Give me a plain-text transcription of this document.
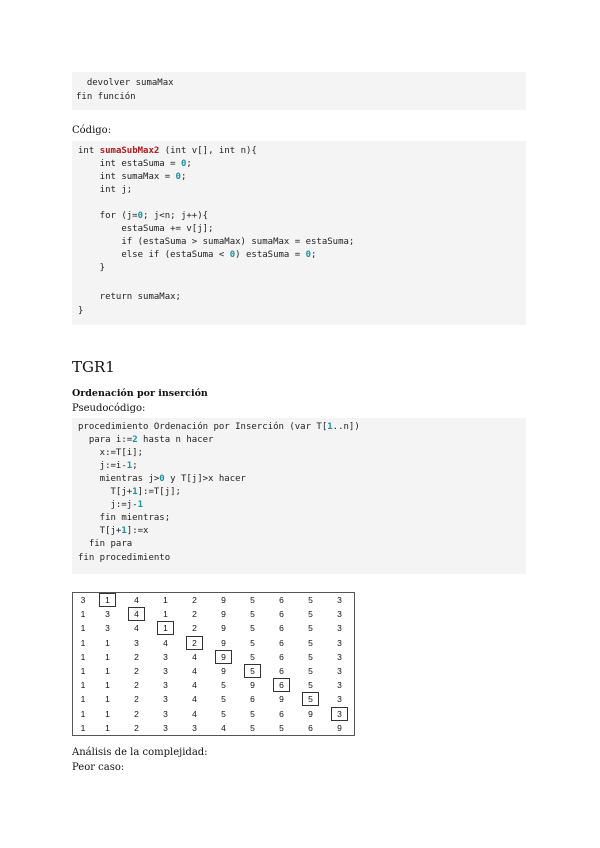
devolver sumaMax
fin función
Código:
int sumaSubMax2 (int v[], int n){
int estaSuma = 0;
int sumaMax = 0;
int j;
for (j=0; j<n; j++){
estaSuma += v[j];
if (estaSuma > sumaMax) sumaMax = estaSuma;
else if (estaSuma < 0) estaSuma = 0;
}
return sumaMax;
}
TGR1
Ordenación por inserción
Pseudocódigo:
procedimiento Ordenación por Inserción (var T[1..n])
para i:=2 hasta n hacer
x:=T[i];
j:=i-1;
mientras j>0 y T[j]>x hacer
T[j+1]:=T[j];
j:=j-1
fin mientras;
T[j+1]:=x
fin para
fin procedimiento
3	1	4	1	2	9	5	6	5	3
1	3	4	1	2	9	5	6	5	3
1	3	4	1	2	9	5	6	5	3
1	1	3	4	2	9	5	6	5	3
1	1	2	3	4	9	5	6	5	3
1	1	2	3	4	9	5	6	5	3
1	1	2	3	4	5	9	6	5	3
1	1	2	3	4	5	6	9	5	3
1	1	2	3	4	5	5	6	9	3
1	1	2	3	3	4	5	5	6	9
Análisis de la complejidad:
Peor caso:
